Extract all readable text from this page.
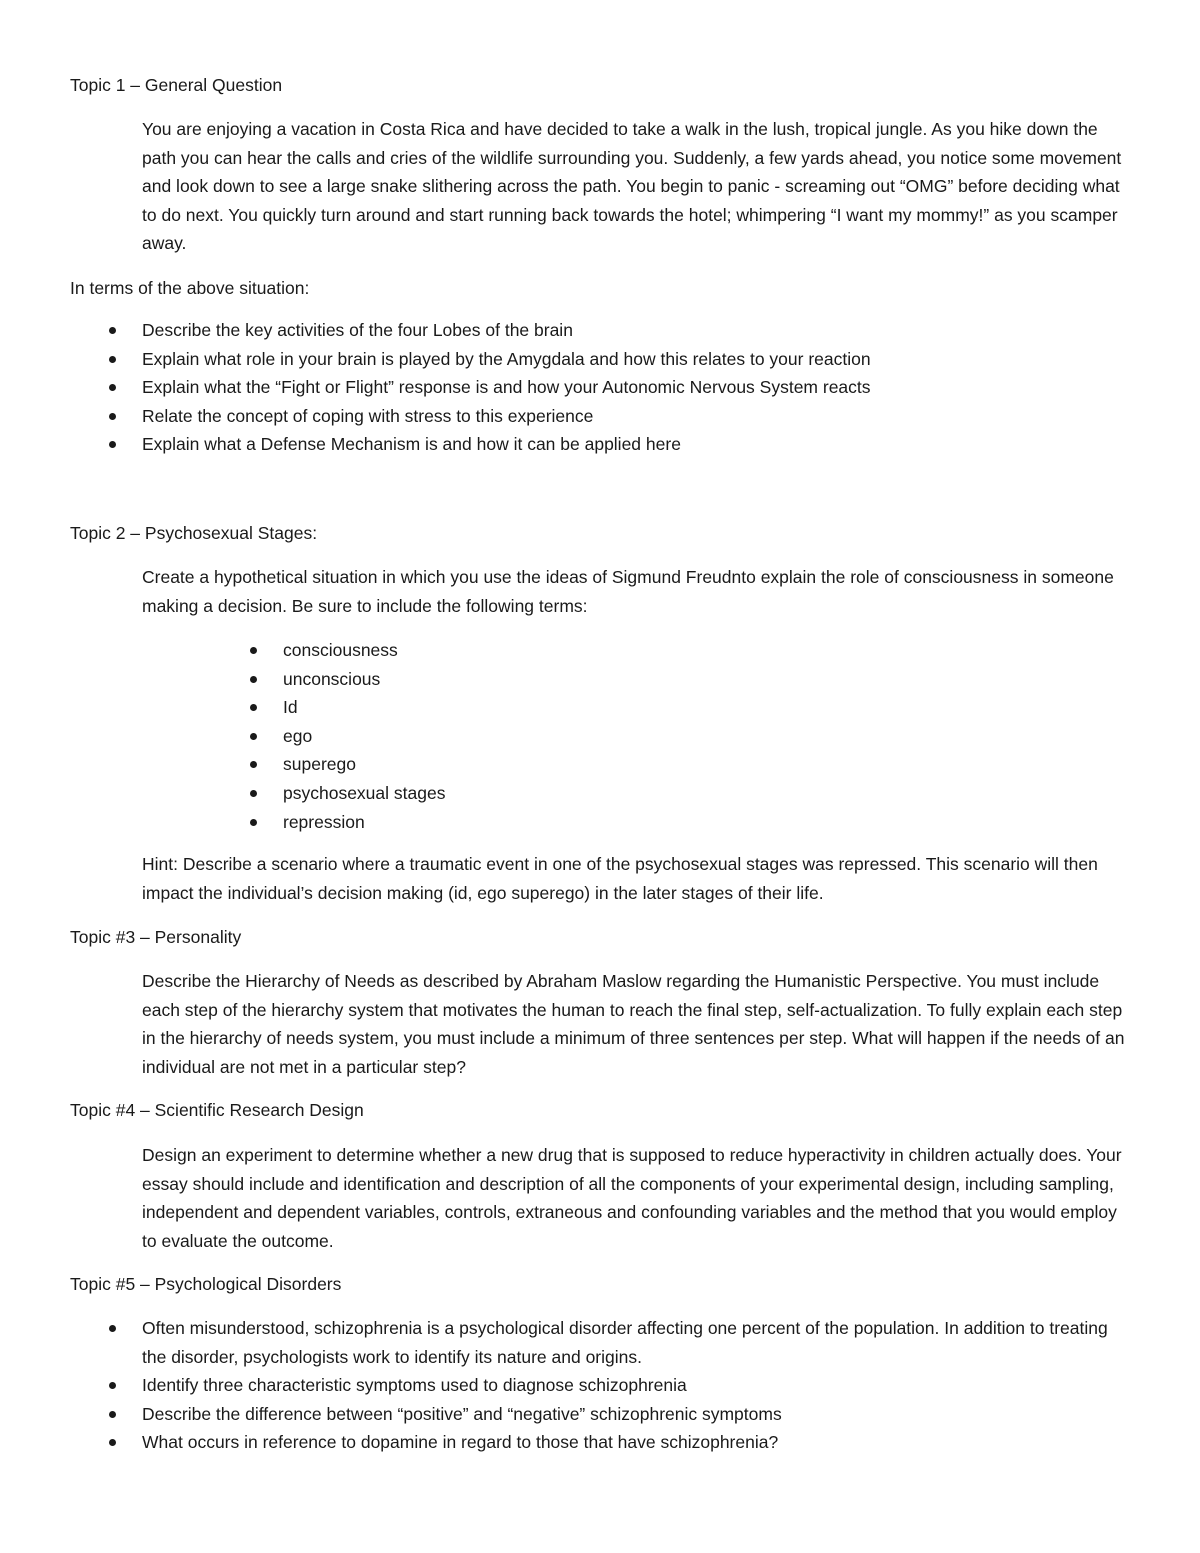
Topic 1 – General Question

You are enjoying a vacation in Costa Rica and have decided to take a walk in the lush, tropical jungle. As you hike down the path you can hear the calls and cries of the wildlife surrounding you. Suddenly, a few yards ahead, you notice some movement and look down to see a large snake slithering across the path. You begin to panic - screaming out “OMG” before deciding what to do next. You quickly turn around and start running back towards the hotel; whimpering “I want my mommy!” as you scamper away.

In terms of the above situation:
Describe the key activities of the four Lobes of the brain
Explain what role in your brain is played by the Amygdala and how this relates to your reaction
Explain what the “Fight or Flight” response is and how your Autonomic Nervous System reacts
Relate the concept of coping with stress to this experience
Explain what a Defense Mechanism is and how it can be applied here
Topic 2 – Psychosexual Stages:

Create a hypothetical situation in which you use the ideas of Sigmund Freudnto explain the role of consciousness in someone making a decision. Be sure to include the following terms:

consciousness
unconscious
Id
ego
superego
psychosexual stages
repression

Hint: Describe a scenario where a traumatic event in one of the psychosexual stages was repressed. This scenario will then impact the individual’s decision making (id, ego superego) in the later stages of their life.

Topic #3 – Personality

Describe the Hierarchy of Needs as described by Abraham Maslow regarding the Humanistic Perspective. You must include each step of the hierarchy system that motivates the human to reach the final step, self-actualization. To fully explain each step in the hierarchy of needs system, you must include a minimum of three sentences per step. What will happen if the needs of an individual are not met in a particular step?

Topic #4 – Scientific Research Design

Design an experiment to determine whether a new drug that is supposed to reduce hyperactivity in children actually does. Your essay should include and identification and description of all the components of your experimental design, including sampling, independent and dependent variables, controls, extraneous and confounding variables and the method that you would employ to evaluate the outcome.

Topic #5 – Psychological Disorders
Often misunderstood, schizophrenia is a psychological disorder affecting one percent of the population. In addition to treating the disorder, psychologists work to identify its nature and origins.
Identify three characteristic symptoms used to diagnose schizophrenia
Describe the difference between “positive” and “negative” schizophrenic symptoms
What occurs in reference to dopamine in regard to those that have schizophrenia?
